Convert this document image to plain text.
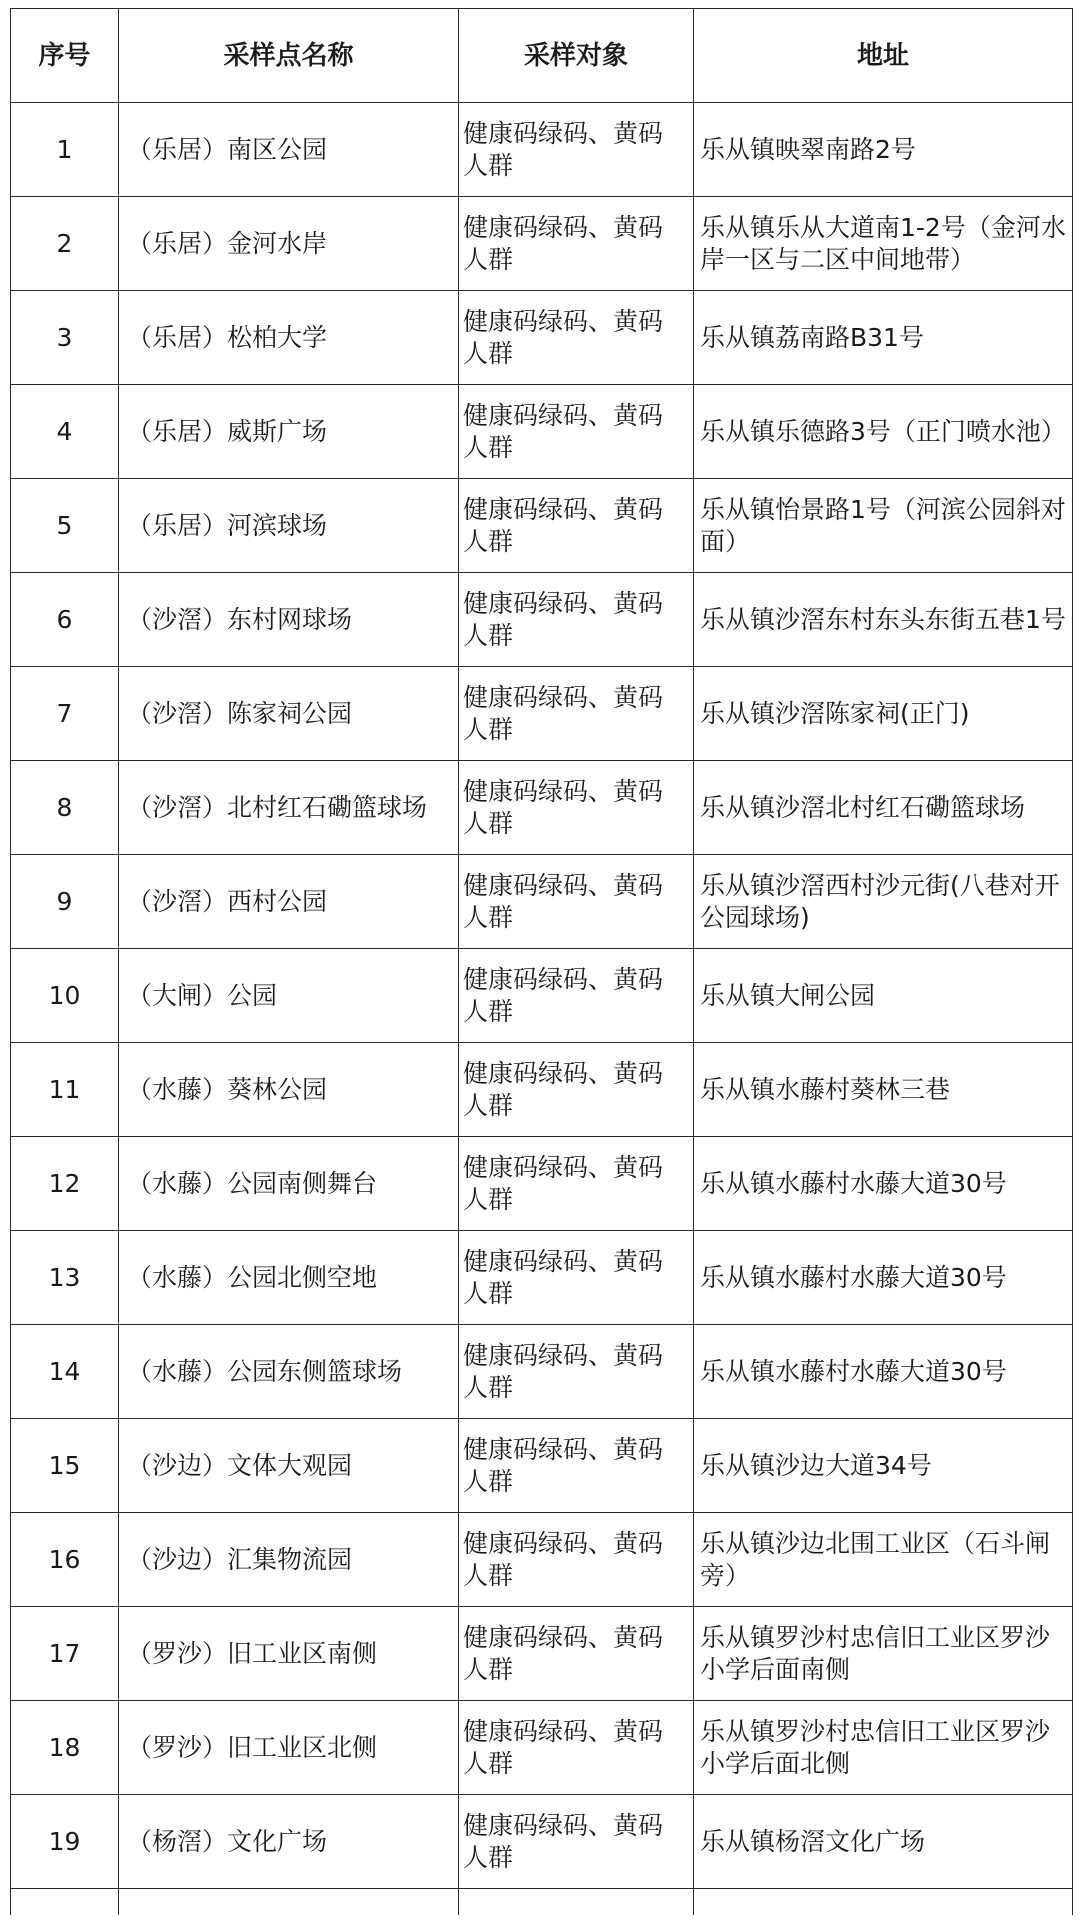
序号	采样点名称	采样对象	地址
1	（乐居）南区公园	健康码绿码、黄码人群	乐从镇映翠南路2号
2	（乐居）金河水岸	健康码绿码、黄码人群	乐从镇乐从大道南1-2号（金河水岸一区与二区中间地带）
3	（乐居）松柏大学	健康码绿码、黄码人群	乐从镇荔南路B31号
4	（乐居）威斯广场	健康码绿码、黄码人群	乐从镇乐德路3号（正门喷水池）
5	（乐居）河滨球场	健康码绿码、黄码人群	乐从镇怡景路1号（河滨公园斜对面）
6	（沙滘）东村网球场	健康码绿码、黄码人群	乐从镇沙滘东村东头东街五巷1号
7	（沙滘）陈家祠公园	健康码绿码、黄码人群	乐从镇沙滘陈家祠(正门)
8	（沙滘）北村红石磡篮球场	健康码绿码、黄码人群	乐从镇沙滘北村红石磡篮球场
9	（沙滘）西村公园	健康码绿码、黄码人群	乐从镇沙滘西村沙元街(八巷对开公园球场)
10	（大闸）公园	健康码绿码、黄码人群	乐从镇大闸公园
11	（水藤）葵林公园	健康码绿码、黄码人群	乐从镇水藤村葵林三巷
12	（水藤）公园南侧舞台	健康码绿码、黄码人群	乐从镇水藤村水藤大道30号
13	（水藤）公园北侧空地	健康码绿码、黄码人群	乐从镇水藤村水藤大道30号
14	（水藤）公园东侧篮球场	健康码绿码、黄码人群	乐从镇水藤村水藤大道30号
15	（沙边）文体大观园	健康码绿码、黄码人群	乐从镇沙边大道34号
16	（沙边）汇集物流园	健康码绿码、黄码人群	乐从镇沙边北围工业区（石斗闸旁）
17	（罗沙）旧工业区南侧	健康码绿码、黄码人群	乐从镇罗沙村忠信旧工业区罗沙小学后面南侧
18	（罗沙）旧工业区北侧	健康码绿码、黄码人群	乐从镇罗沙村忠信旧工业区罗沙小学后面北侧
19	（杨滘）文化广场	健康码绿码、黄码人群	乐从镇杨滘文化广场
